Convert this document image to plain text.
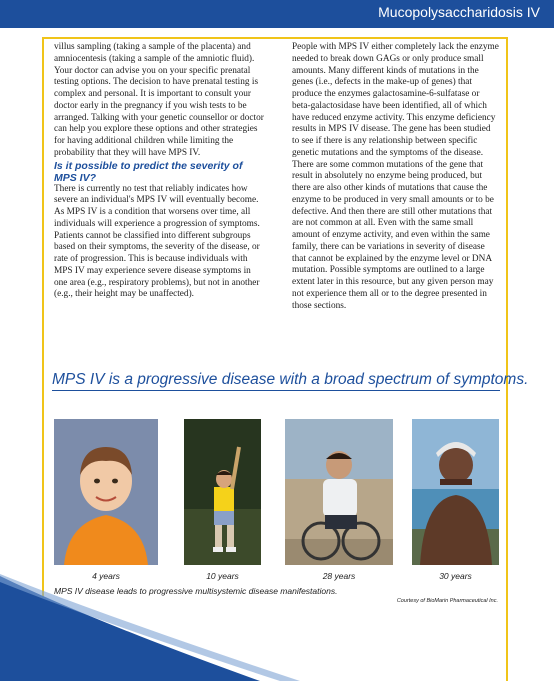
Mucopolysaccharidosis IV

villus sampling (taking a sample of the placenta) and amniocentesis (taking a sample of the amniotic fluid). Your doctor can advise you on your specific prenatal testing options. The decision to have prenatal testing is complex and personal. It is important to consult your doctor early in the pregnancy if you wish tests to be arranged. Talking with your genetic counsellor or doctor can help you explore these options and other strategies for having additional children while limiting the probability that they will have MPS IV.

Is it possible to predict the severity of MPS IV?

There is currently no test that reliably indicates how severe an individual's MPS IV will eventually become. As MPS IV is a condition that worsens over time, all individuals will experience a progression of symptoms. Patients cannot be classified into different subgroups based on their symptoms, the severity of the disease, or rate of progression. This is because individuals with MPS IV may experience severe disease symptoms in one area (e.g., respiratory problems), but not in another (e.g., their height may be unaffected).

People with MPS IV either completely lack the enzyme needed to break down GAGs or only produce small amounts. Many different kinds of mutations in the genes (i.e., defects in the make-up of genes) that produce the enzymes galactosamine-6-sulfatase or beta-galactosidase have been identified, all of which have reduced enzyme activity. This enzyme deficiency results in MPS IV disease. The gene has been studied to see if there is any relationship between specific genetic mutations and the symptoms of the disease. There are some common mutations of the gene that result in absolutely no enzyme being produced, but there are also other kinds of mutations that cause the enzyme to be produced in very small amounts or to be defective. And then there are still other mutations that are not common at all. Even with the same small amount of enzyme activity, and even within the same family, there can be variations in severity of disease that cannot be explained by the enzyme level or DNA mutation. Possible symptoms are outlined to a large extent later in this resource, but any given person may not experience them all or to the degree presented in those sections.

MPS IV is a progressive disease with a broad spectrum of symptoms.
4 years	10 years	28 years	30 years
MPS IV disease leads to progressive multisystemic disease manifestations.
Courtesy of BioMarin Pharmaceutical Inc.
